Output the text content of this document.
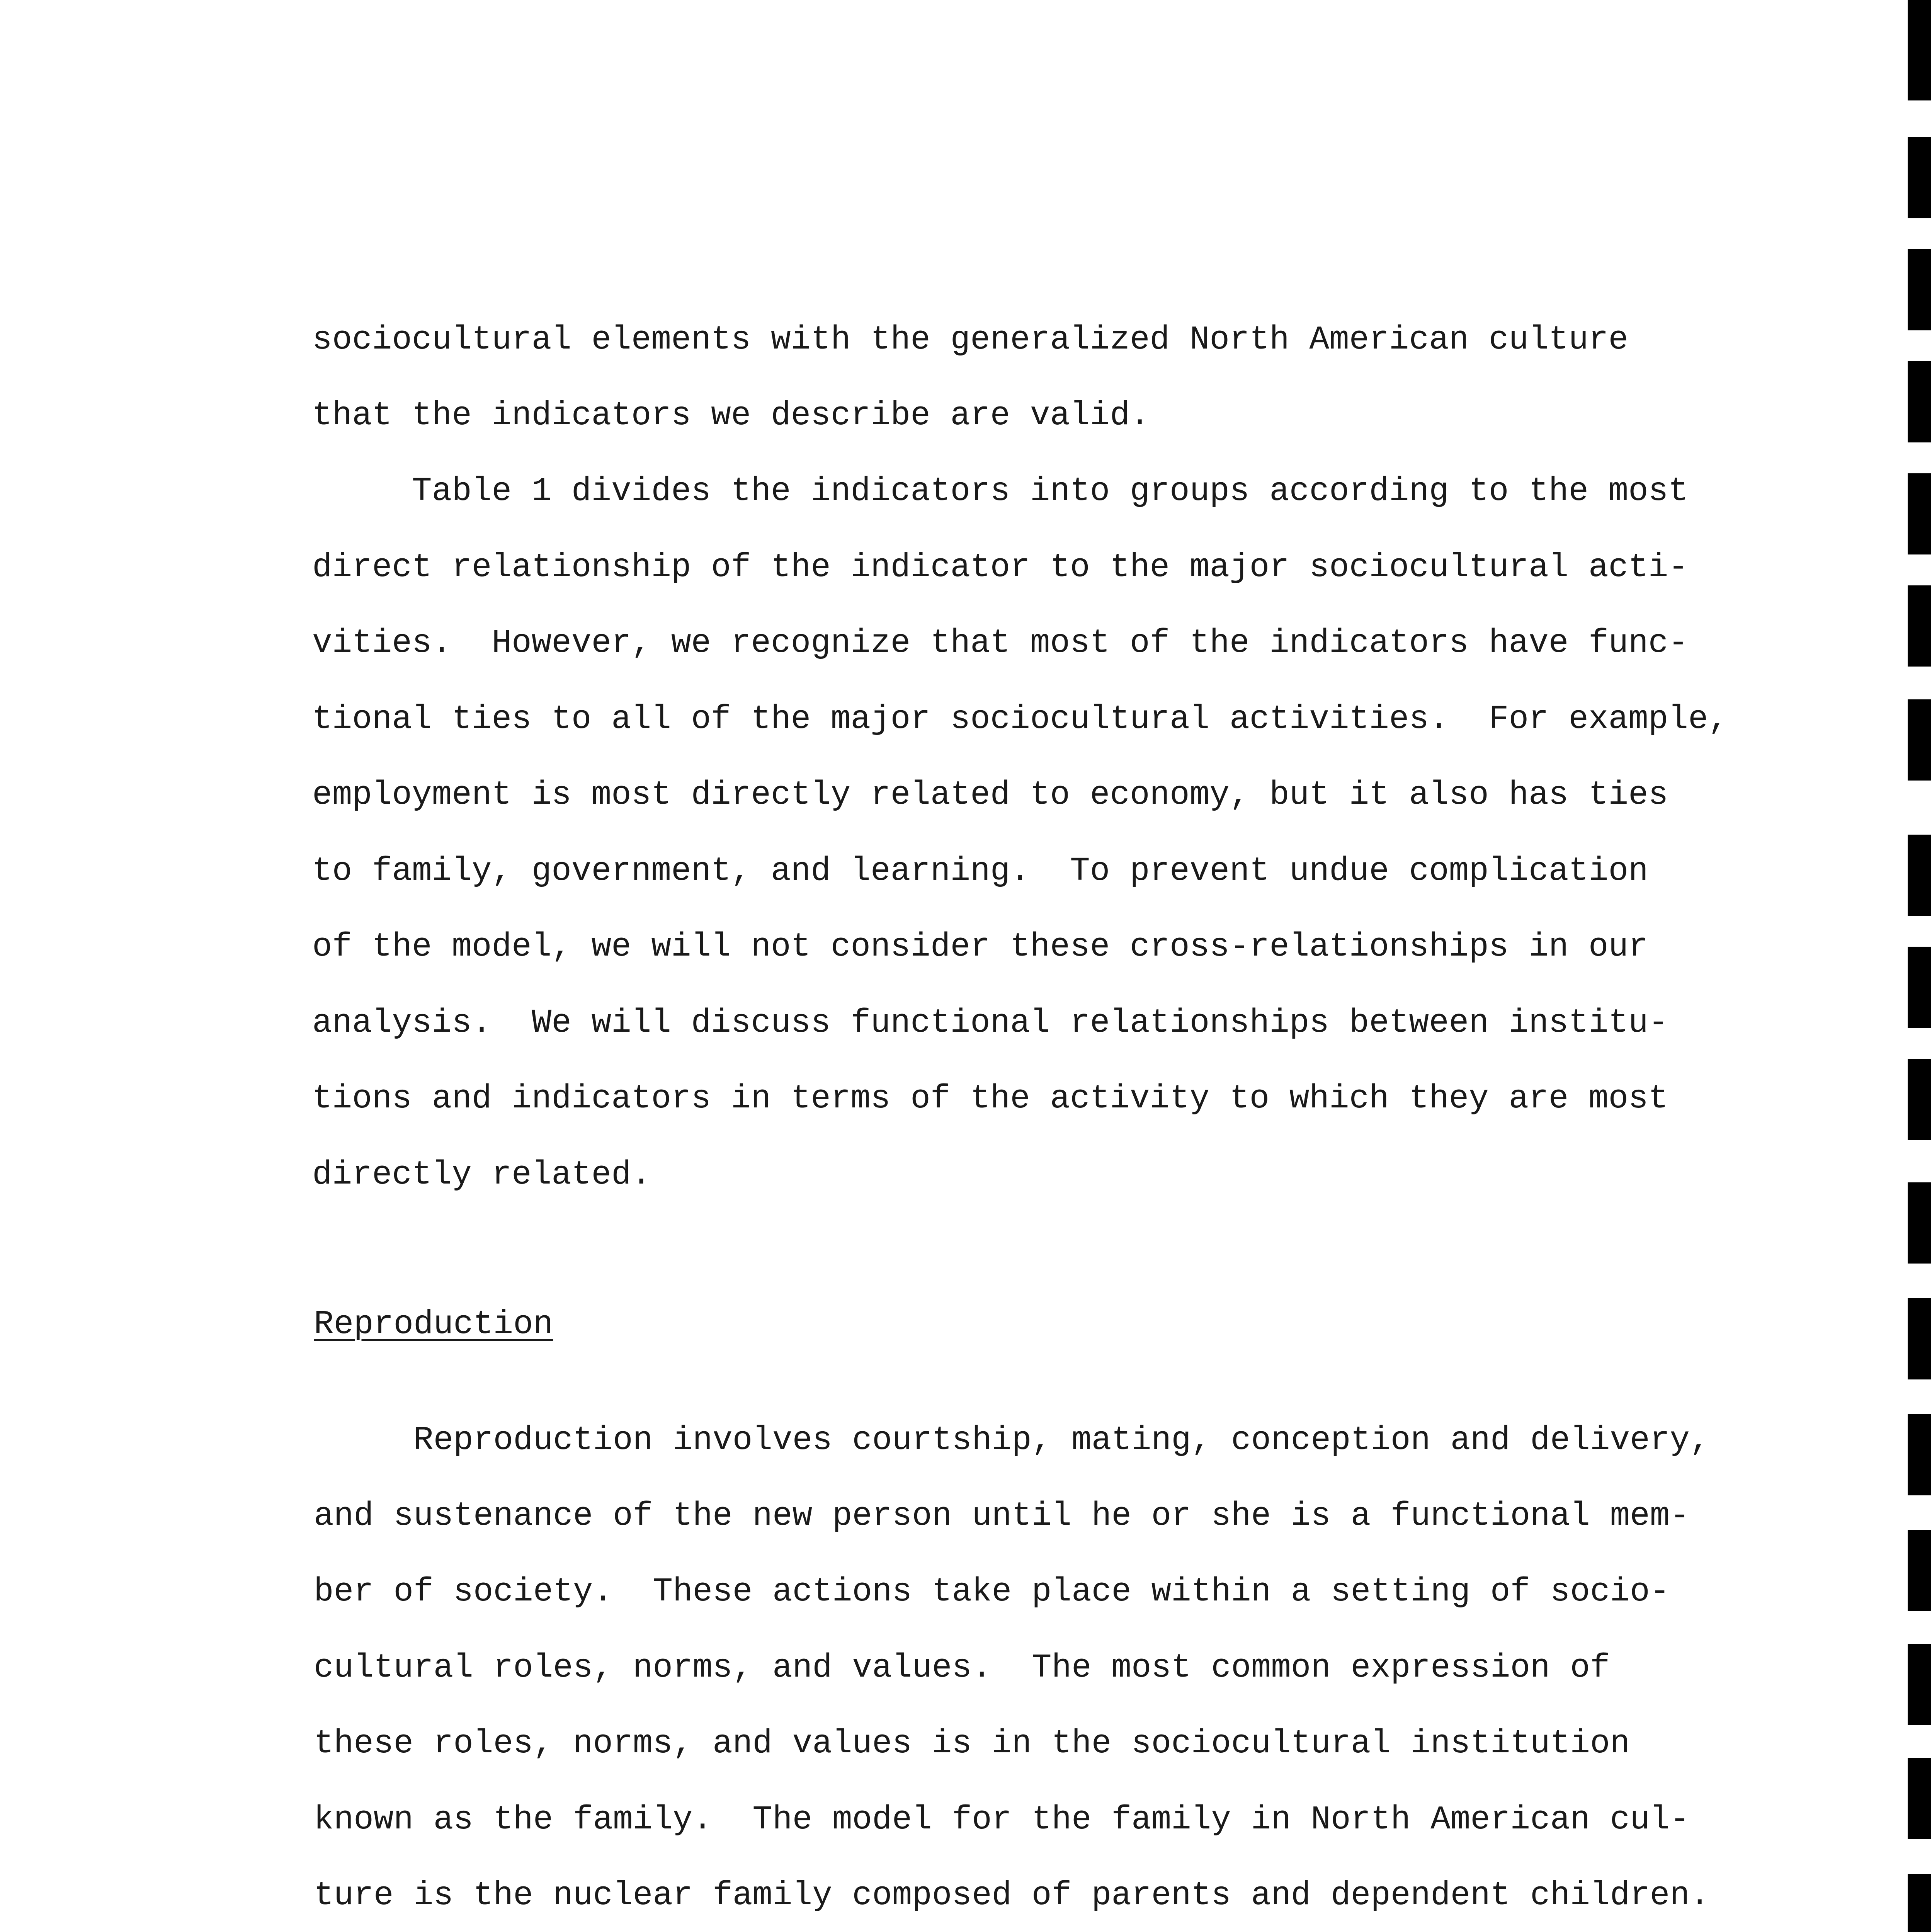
sociocultural elements with the generalized North American culture
that the indicators we describe are valid.
Table 1 divides the indicators into groups according to the most
direct relationship of the indicator to the major sociocultural acti-
vities.  However, we recognize that most of the indicators have func-
tional ties to all of the major sociocultural activities.  For example,
employment is most directly related to economy, but it also has ties
to family, government, and learning.  To prevent undue complication
of the model, we will not consider these cross-relationships in our
analysis.  We will discuss functional relationships between institu-
tions and indicators in terms of the activity to which they are most
directly related.
Reproduction
Reproduction involves courtship, mating, conception and delivery,
and sustenance of the new person until he or she is a functional mem-
ber of society.  These actions take place within a setting of socio-
cultural roles, norms, and values.  The most common expression of
these roles, norms, and values is in the sociocultural institution
known as the family.  The model for the family in North American cul-
ture is the nuclear family composed of parents and dependent children.
